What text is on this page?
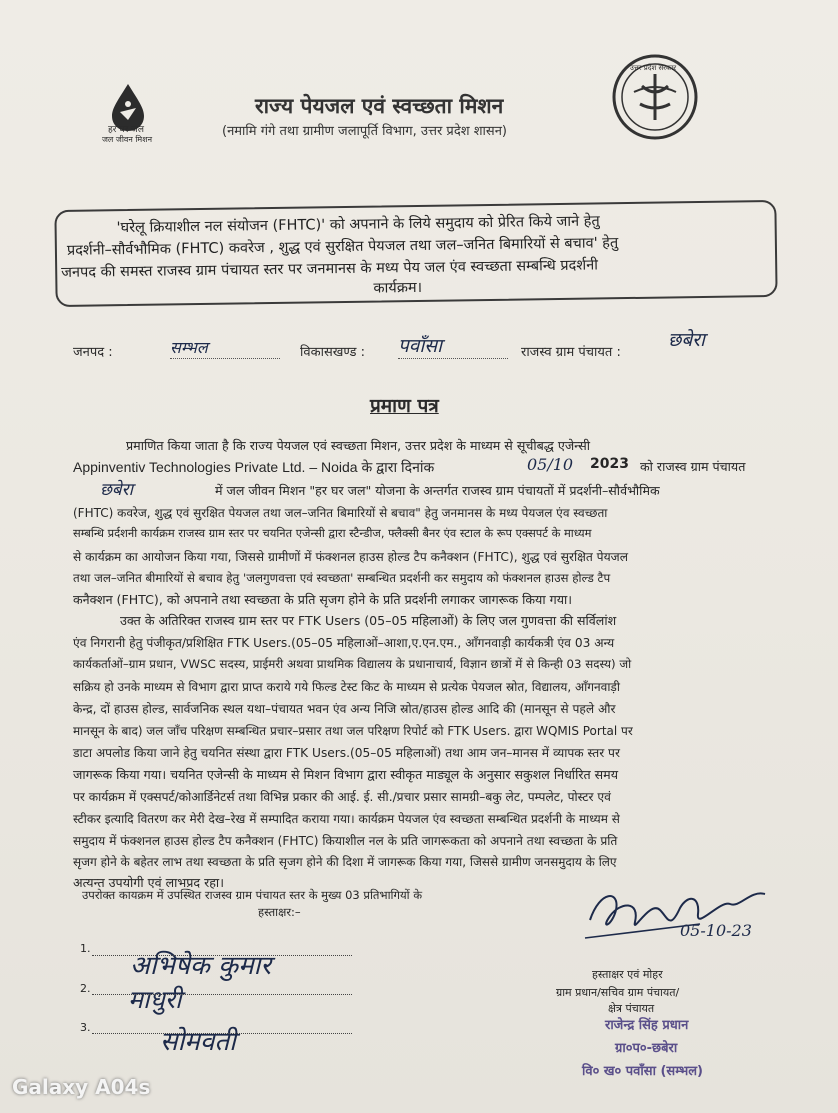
हर घर जल
जल जीवन मिशन
उत्तर प्रदेश सरकार
राज्य पेयजल एवं स्वच्छता मिशन
(नमामि गंगे तथा ग्रामीण जलापूर्ति विभाग, उत्तर प्रदेश शासन)
'घरेलू क्रियाशील नल संयोजन (FHTC)' को अपनाने के लिये समुदाय को प्रेरित किये जाने हेतु
प्रदर्शनी–सौर्वभौमिक (FHTC) कवरेज , शुद्ध एवं सुरक्षित पेयजल तथा जल–जनित बिमारियों से बचाव' हेतु
जनपद की समस्त राजस्व ग्राम पंचायत स्तर पर जनमानस के मध्य पेय जल एंव स्वच्छता सम्बन्धि प्रदर्शनी
कार्यक्रम।
जनपद :	सम्भल	विकासखण्ड : पवाँसा	राजस्व ग्राम पंचायत :
छबेरा
प्रमाण पत्र
प्रमाणित किया जाता है कि राज्य पेयजल एवं स्वच्छता मिशन, उत्तर प्रदेश के माध्यम से सूचीबद्ध एजेन्सी
Appinventiv Technologies Private Ltd. – Noida के द्वारा दिनांक	05/10 2023 को राजस्व ग्राम पंचायत
छबेरा	में जल जीवन मिशन "हर घर जल" योजना के अन्तर्गत राजस्व ग्राम पंचायतों में प्रदर्शनी–सौर्वभौमिक
(FHTC) कवरेज, शुद्ध एवं सुरक्षित पेयजल तथा जल–जनित बिमारियों से बचाव" हेतु जनमानस के मध्य पेयजल एंव स्वच्छता
सम्बन्धि प्रर्दशनी कार्यक्रम राजस्व ग्राम स्तर पर चयनित एजेन्सी द्वारा स्टैन्डीज, फ्लैक्सी बैनर एंव स्टाल के रूप एक्सपर्ट के माध्यम
से कार्यक्रम का आयोजन किया गया, जिससे ग्रामीणों में फंक्शनल हाउस होल्ड टैप कनैक्शन (FHTC), शुद्ध एवं सुरक्षित पेयजल
तथा जल–जनित बीमारियों से बचाव हेतु 'जलगुणवत्ता एवं स्वच्छता' सम्बन्धित प्रदर्शनी कर समुदाय को फंक्शनल हाउस होल्ड टैप
कनैक्शन (FHTC), को अपनाने तथा स्वच्छता के प्रति सृजग होने के प्रति प्रदर्शनी लगाकर जागरूक किया गया।
उक्त के अतिरिक्त राजस्व ग्राम स्तर पर FTK Users (05–05 महिलाओं) के लिए जल गुणवत्ता की सर्विलांश
एंव निगरानी हेतु पंजीकृत/प्रशिक्षित FTK Users.(05–05 महिलाओं–आशा,ए.एन.एम., आँगनवाड़ी कार्यकत्री एंव 03 अन्य
कार्यकर्ताओं–ग्राम प्रधान, VWSC सदस्य, प्राईमरी अथवा प्राथमिक विद्यालय के प्रधानाचार्य, विज्ञान छात्रों में से किन्ही 03 सदस्य) जो
सक्रिय हो उनके माध्यम से विभाग द्वारा प्राप्त कराये गये फिल्ड टेस्ट किट के माध्यम से प्रत्येक पेयजल स्रोत, विद्यालय, आँगनवाड़ी
केन्द्र, दों हाउस होल्ड, सार्वजनिक स्थल यथा–पंचायत भवन एंव अन्य निजि स्रोत/हाउस होल्ड आदि की (मानसून से पहले और
मानसून के बाद) जल जाँच परिक्षण सम्बन्धित प्रचार–प्रसार तथा जल परिक्षण रिपोर्ट को FTK Users. द्वारा WQMIS Portal पर
डाटा अपलोड किया जाने हेतु चयनित संस्था द्वारा FTK Users.(05–05 महिलाओं) तथा आम जन–मानस में व्यापक स्तर पर
जागरूक किया गया। चयनित एजेन्सी के माध्यम से मिशन विभाग द्वारा स्वीकृत माड्यूल के अनुसार सकुशल निर्धारित समय
पर कार्यक्रम में एक्सपर्ट/कोआर्डिनेटर्स तथा विभिन्न प्रकार की आई. ई. सी./प्रचार प्रसार सामग्री–बकु लेट, पम्पलेट, पोस्टर एवं
स्टीकर इत्यादि वितरण कर मेरी देख–रेख में सम्पादित कराया गया। कार्यक्रम पेयजल एंव स्वच्छता सम्बन्धित प्रदर्शनी के माध्यम से
समुदाय में फंक्शनल हाउस होल्ड टैप कनैक्शन (FHTC) कियाशील नल के प्रति जागरूकता को अपनाने तथा स्वच्छता के प्रति
सृजग होने के बहेतर लाभ तथा स्वच्छता के प्रति सृजग होने की दिशा में जागरूक किया गया, जिससे ग्रामीण जनसमुदाय के लिए
अत्यन्त उपयोगी एवं लाभप्रद रहा।
उपरोक्त कायक्रम में उपस्थित राजस्व ग्राम पंचायत स्तर के मुख्य 03 प्रतिभागियों के
हस्ताक्षर:–
1.
अभिषेक कुमार
2. माधुरी
3.	सोमवती
05-10-23
हस्ताक्षर एवं मोहर
ग्राम प्रधान/सचिव ग्राम पंचायत/
क्षेत्र पंचायत
राजेन्द्र सिंह प्रधान
ग्रा०प०-छबेरा
वि० ख० पवाँसा (सम्भल)
Galaxy A04s
